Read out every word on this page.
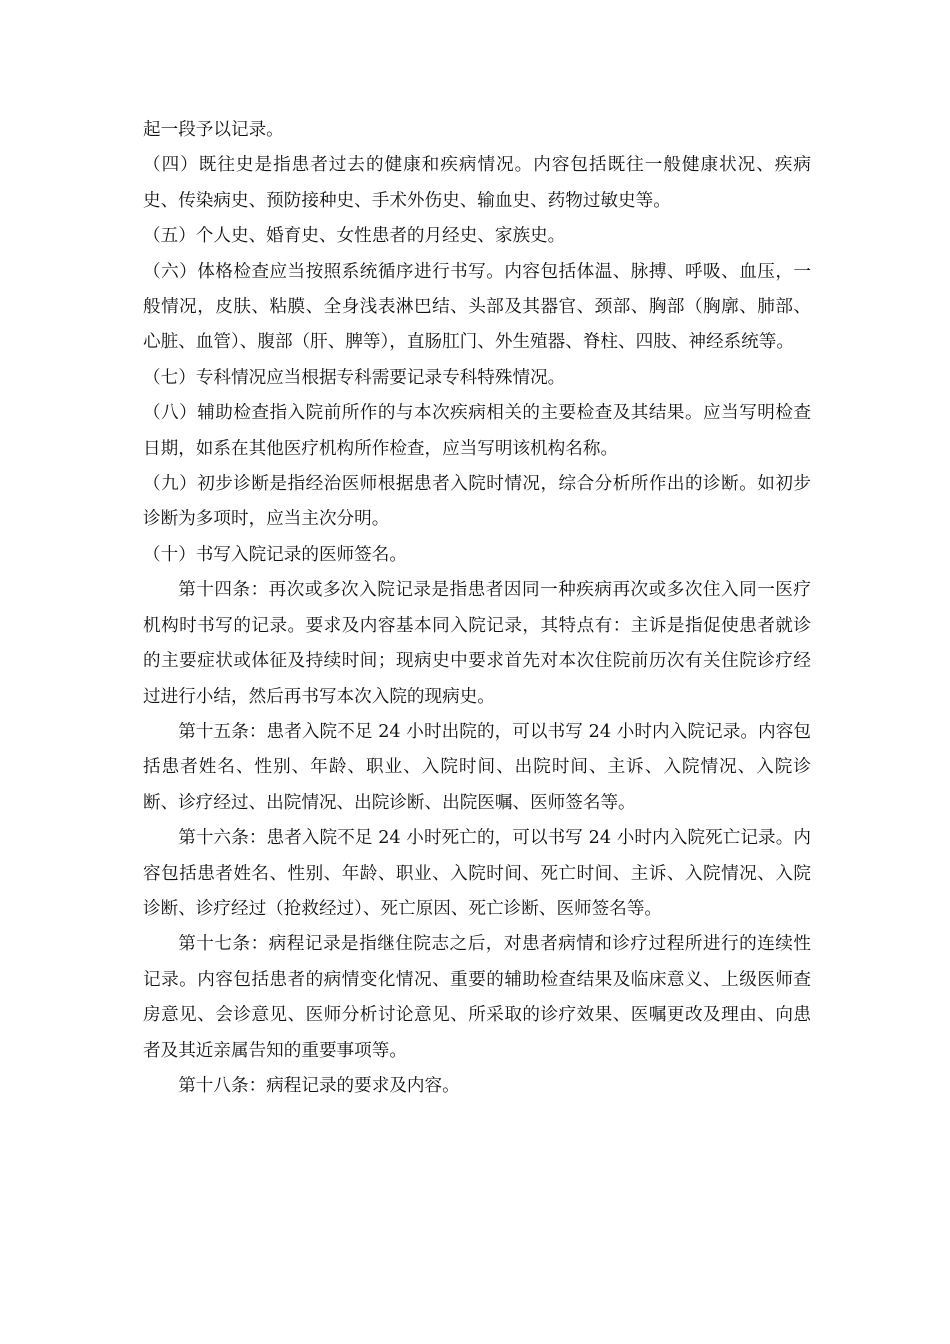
起一段予以记录。

（四）既往史是指患者过去的健康和疾病情况。内容包括既往一般健康状况、疾病史、传染病史、预防接种史、手术外伤史、输血史、药物过敏史等。

（五）个人史、婚育史、女性患者的月经史、家族史。

（六）体格检查应当按照系统循序进行书写。内容包括体温、脉搏、呼吸、血压，一般情况，皮肤、粘膜、全身浅表淋巴结、头部及其器官、颈部、胸部（胸廓、肺部、心脏、血管）、腹部（肝、脾等），直肠肛门、外生殖器、脊柱、四肢、神经系统等。

（七）专科情况应当根据专科需要记录专科特殊情况。

（八）辅助检查指入院前所作的与本次疾病相关的主要检查及其结果。应当写明检查日期，如系在其他医疗机构所作检查，应当写明该机构名称。

（九）初步诊断是指经治医师根据患者入院时情况，综合分析所作出的诊断。如初步诊断为多项时，应当主次分明。

（十）书写入院记录的医师签名。

第十四条：再次或多次入院记录是指患者因同一种疾病再次或多次住入同一医疗机构时书写的记录。要求及内容基本同入院记录，其特点有：主诉是指促使患者就诊的主要症状或体征及持续时间；现病史中要求首先对本次住院前历次有关住院诊疗经过进行小结，然后再书写本次入院的现病史。

第十五条：患者入院不足 24 小时出院的，可以书写 24 小时内入院记录。内容包括患者姓名、性别、年龄、职业、入院时间、出院时间、主诉、入院情况、入院诊断、诊疗经过、出院情况、出院诊断、出院医嘱、医师签名等。

第十六条：患者入院不足 24 小时死亡的，可以书写 24 小时内入院死亡记录。内容包括患者姓名、性别、年龄、职业、入院时间、死亡时间、主诉、入院情况、入院诊断、诊疗经过（抢救经过）、死亡原因、死亡诊断、医师签名等。

第十七条：病程记录是指继住院志之后，对患者病情和诊疗过程所进行的连续性记录。内容包括患者的病情变化情况、重要的辅助检查结果及临床意义、上级医师查房意见、会诊意见、医师分析讨论意见、所采取的诊疗效果、医嘱更改及理由、向患者及其近亲属告知的重要事项等。

第十八条：病程记录的要求及内容。
